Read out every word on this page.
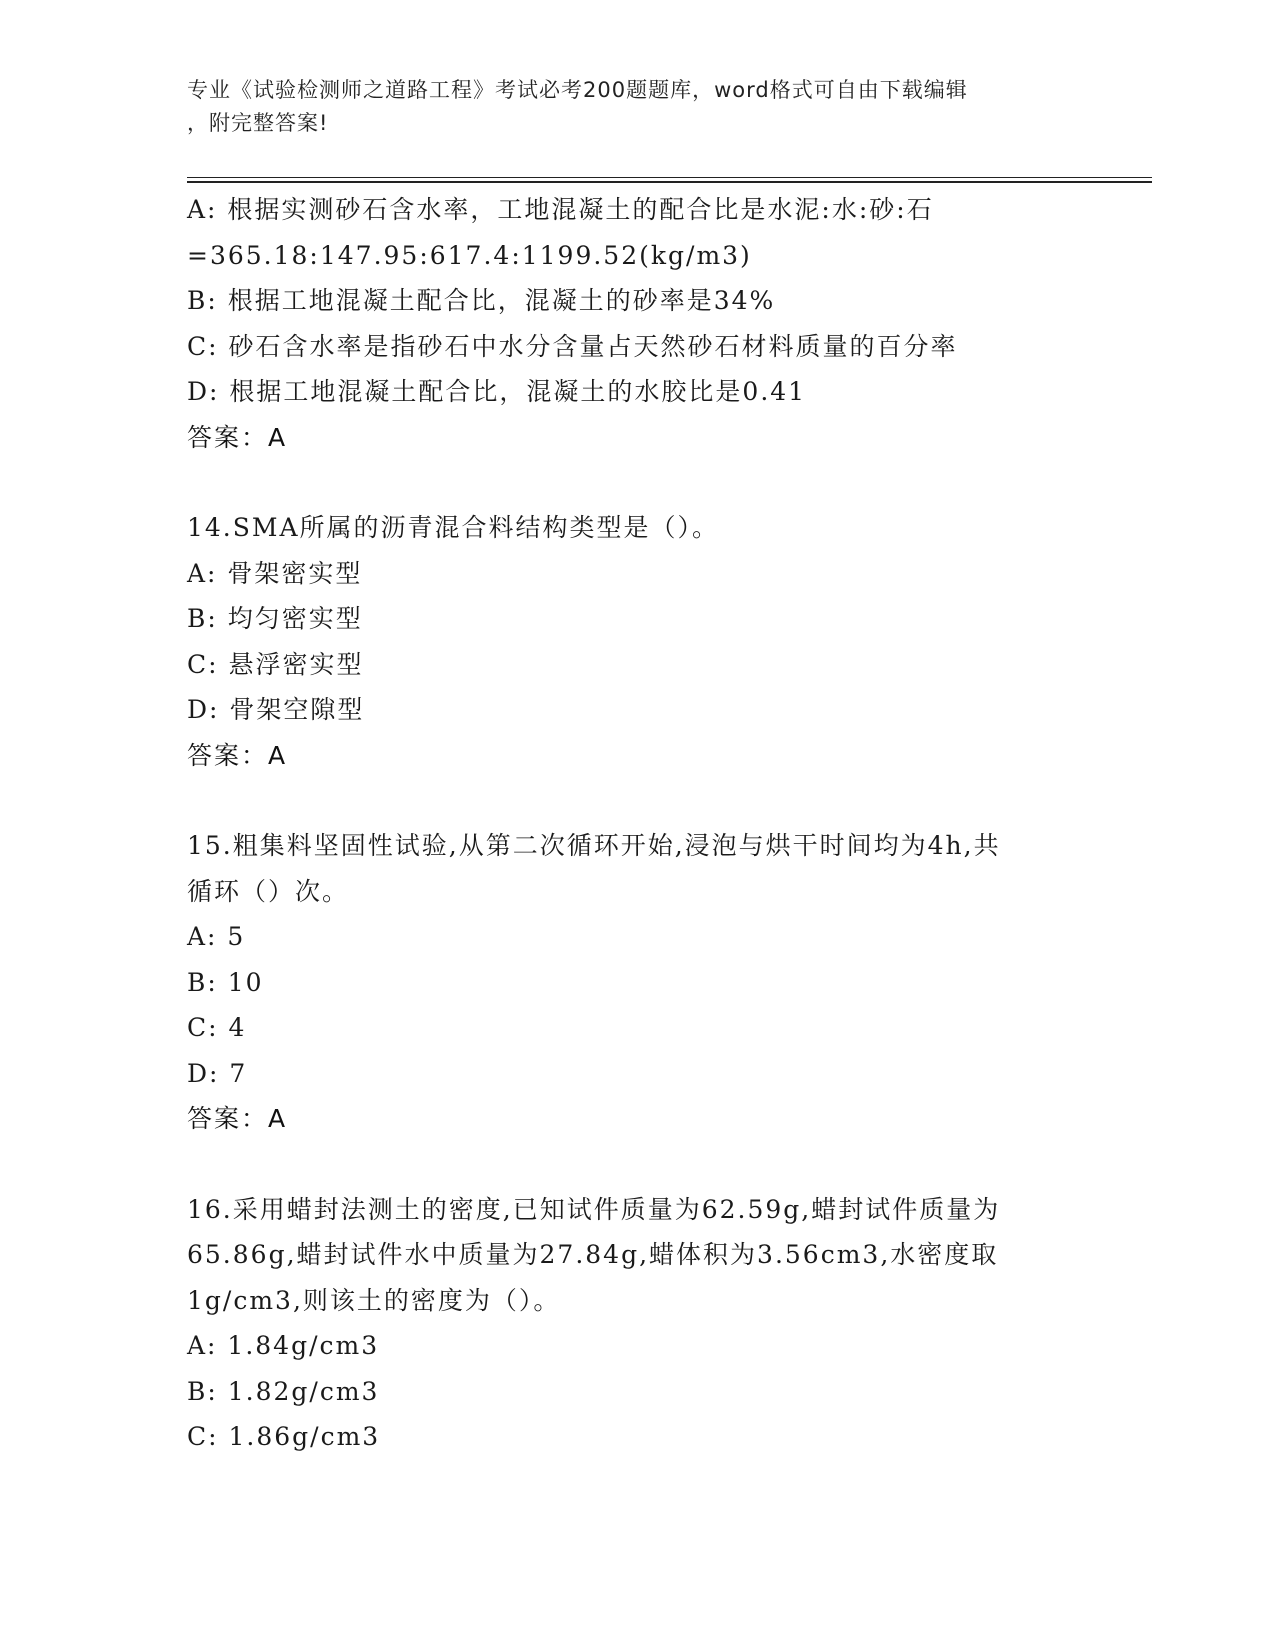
专业《试验检测师之道路工程》考试必考200题题库，word格式可自由下载编辑
，附完整答案!
A: 根据实测砂石含水率，工地混凝土的配合比是水泥:水:砂:石
=365.18:147.95:617.4:1199.52(kg/m3)
B: 根据工地混凝土配合比，混凝土的砂率是34%
C: 砂石含水率是指砂石中水分含量占天然砂石材料质量的百分率
D: 根据工地混凝土配合比，混凝土的水胶比是0.41
答案：A
14.SMA所属的沥青混合料结构类型是（）。
A: 骨架密实型
B: 均匀密实型
C: 悬浮密实型
D: 骨架空隙型
答案：A
15.粗集料坚固性试验,从第二次循环开始,浸泡与烘干时间均为4h,共
循环（）次。
A: 5
B: 10
C: 4
D: 7
答案：A
16.采用蜡封法测土的密度,已知试件质量为62.59g,蜡封试件质量为
65.86g,蜡封试件水中质量为27.84g,蜡体积为3.56cm3,水密度取
1g/cm3,则该土的密度为（）。
A: 1.84g/cm3
B: 1.82g/cm3
C: 1.86g/cm3
